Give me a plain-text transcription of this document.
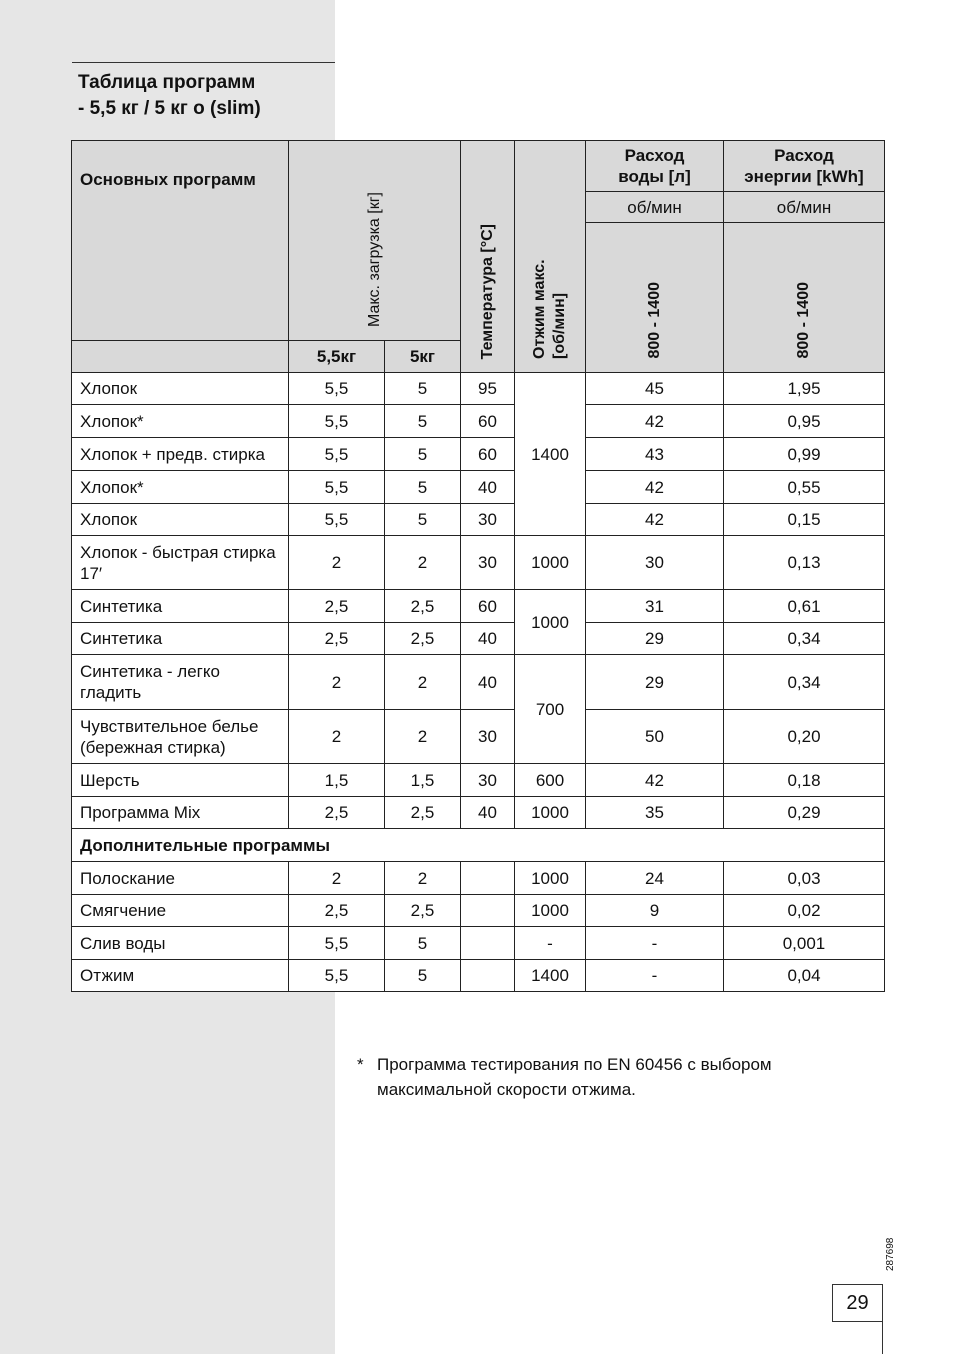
Таблица программ
- 5,5 кг / 5 кг o (slim)
Основных программ	Макс. загрузка [кг]		Температура [°C]	Отжим макс. [об/мин]	Расход воды [л]	Расход энергии [kWh]
					об/мин	об/мин
					800 - 1400	800 - 1400
	5,5кг	5кг				
Хлопок	5,5	5	95	1400	45	1,95
Хлопок*	5,5	5	60		42	0,95
Хлопок + предв. стирка	5,5	5	60		43	0,99
Хлопок*	5,5	5	40		42	0,55
Хлопок	5,5	5	30		42	0,15
Хлопок - быстрая стирка 17′	2	2	30	1000	30	0,13
Синтетика	2,5	2,5	60	1000	31	0,61
Синтетика	2,5	2,5	40		29	0,34
Синтетика - легко гладить	2	2	40	700	29	0,34
Чувствительное белье (бережная стирка)	2	2	30		50	0,20
Шерсть	1,5	1,5	30	600	42	0,18
Программа Mix	2,5	2,5	40	1000	35	0,29
Дополнительные программы						
Полоскание	2	2		1000	24	0,03
Смягчение	2,5	2,5		1000	9	0,02
Слив воды	5,5	5		-	-	0,001
Отжим	5,5	5		1400	-	0,04
* Программа тестирования по EN 60456 с выбором максимальной скорости отжима.
287698
29
